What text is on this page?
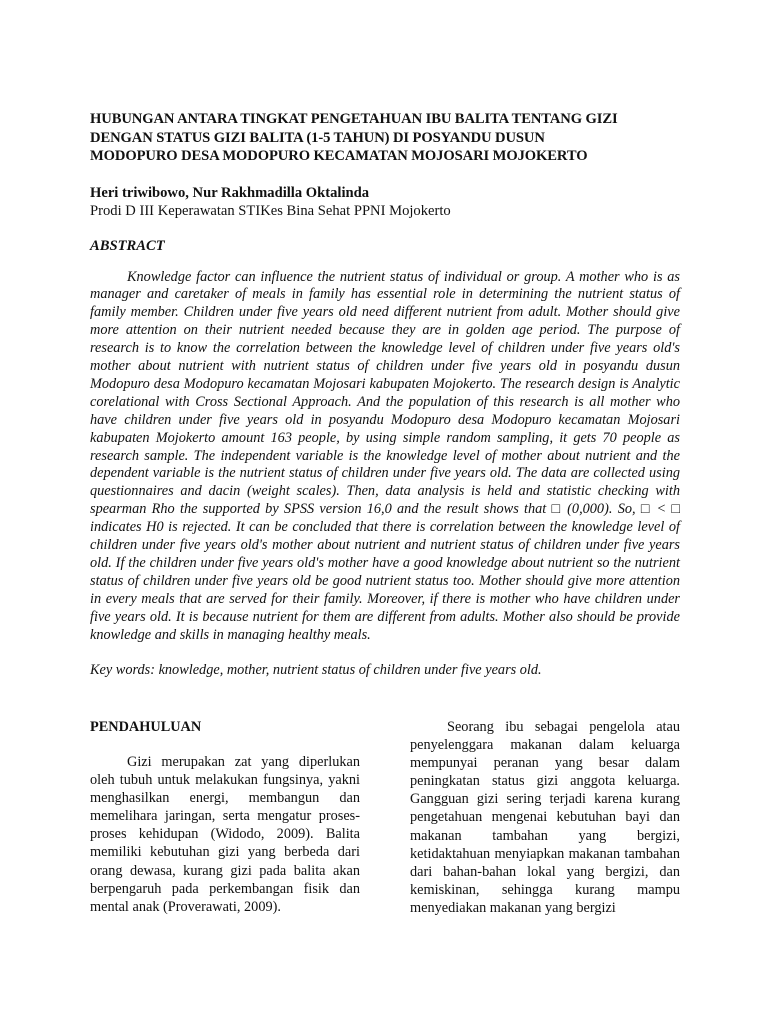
HUBUNGAN ANTARA TINGKAT PENGETAHUAN IBU BALITA TENTANG GIZI
DENGAN STATUS GIZI BALITA (1-5 TAHUN) DI POSYANDU DUSUN
MODOPURO DESA MODOPURO KECAMATAN MOJOSARI MOJOKERTO
Heri triwibowo, Nur Rakhmadilla Oktalinda
Prodi D III Keperawatan STIKes Bina Sehat PPNI Mojokerto
ABSTRACT

Knowledge factor can influence the nutrient status of individual or group. A mother who is as manager and caretaker of meals in family has essential role in determining the nutrient status of family member. Children under five years old need different nutrient from adult. Mother should give more attention on their nutrient needed because they are in golden age period. The purpose of research is to know the correlation between the knowledge level of children under five years old's mother about nutrient with nutrient status of children under five years old in posyandu dusun Modopuro desa Modopuro kecamatan Mojosari kabupaten Mojokerto. The research design is Analytic corelational with Cross Sectional Approach. And the population of this research is all mother who have children under five years old in posyandu Modopuro desa Modopuro kecamatan Mojosari kabupaten Mojokerto amount 163 people, by using simple random sampling, it gets 70 people as research sample. The independent variable is the knowledge level of mother about nutrient and the dependent variable is the nutrient status of children under five years old. The data are collected using questionnaires and dacin (weight scales). Then, data analysis is held and statistic checking with spearman Rho the supported by SPSS version 16,0 and the result shows that □ (0,000). So, □ < □ indicates H0 is rejected. It can be concluded that there is correlation between the knowledge level of children under five years old's mother about nutrient and nutrient status of children under five years old. If the children under five years old's mother have a good knowledge about nutrient so the nutrient status of children under five years old be good nutrient status too. Mother should give more attention in every meals that are served for their family. Moreover, if there is mother who have children under five years old. It is because nutrient for them are different from adults. Mother also should be provide knowledge and skills in managing healthy meals.

Key words: knowledge, mother, nutrient status of children under five years old.
PENDAHULUAN

Gizi merupakan zat yang diperlukan oleh tubuh untuk melakukan fungsinya, yakni menghasilkan energi, membangun dan memelihara jaringan, serta mengatur proses-proses kehidupan (Widodo, 2009). Balita memiliki kebutuhan gizi yang berbeda dari orang dewasa, kurang gizi pada balita akan berpengaruh pada perkembangan fisik dan mental anak (Proverawati, 2009).

Seorang ibu sebagai pengelola atau penyelenggara makanan dalam keluarga mempunyai peranan yang besar dalam peningkatan status gizi anggota keluarga. Gangguan gizi sering terjadi karena kurang pengetahuan mengenai kebutuhan bayi dan makanan tambahan yang bergizi, ketidaktahuan menyiapkan makanan tambahan dari bahan-bahan lokal yang bergizi, dan kemiskinan, sehingga kurang mampu menyediakan makanan yang bergizi
